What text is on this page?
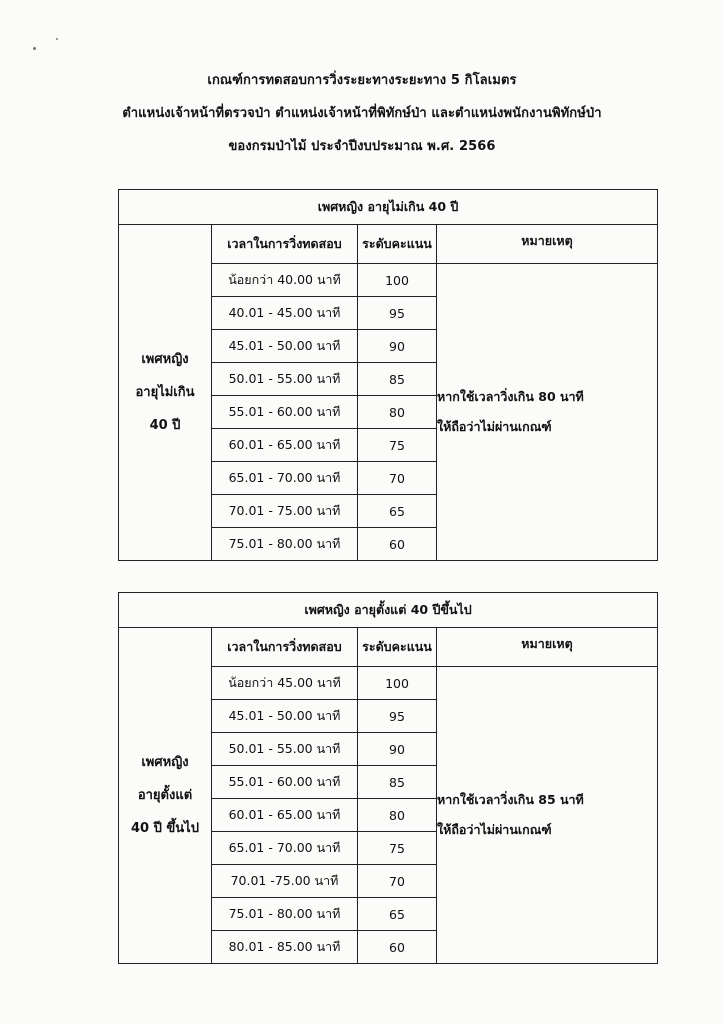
เกณฑ์การทดสอบการวิ่งระยะทางระยะทาง 5 กิโลเมตร
ตำแหน่งเจ้าหน้าที่ตรวจป่า ตำแหน่งเจ้าหน้าที่พิทักษ์ป่า และตำแหน่งพนักงานพิทักษ์ป่า
ของกรมป่าไม้ ประจำปีงบประมาณ พ.ศ. 2566
เพศหญิง อายุไม่เกิน 40 ปี			

เพศหญิง
อายุไม่เกิน
40 ปี	เวลาในการวิ่งทดสอบ	ระดับคะแนน	หมายเหตุ
	น้อยกว่า 40.00 นาที	100	หากใช้เวลาวิ่งเกิน 80 นาที
ให้ถือว่าไม่ผ่านเกณฑ์

	40.01 - 45.00 นาที	95	
	45.01 - 50.00 นาที	90	
	50.01 - 55.00 นาที	85	
	55.01 - 60.00 นาที	80	
	60.01 - 65.00 นาที	75	
	65.01 - 70.00 นาที	70	
	70.01 - 75.00 นาที	65	
	75.01 - 80.00 นาที	60	
เพศหญิง อายุตั้งแต่ 40 ปีขึ้นไป			

เพศหญิง
อายุตั้งแต่
40 ปี ขึ้นไป	เวลาในการวิ่งทดสอบ	ระดับคะแนน	หมายเหตุ
	น้อยกว่า 45.00 นาที	100	หากใช้เวลาวิ่งเกิน 85 นาที
ให้ถือว่าไม่ผ่านเกณฑ์

	45.01 - 50.00 นาที	95	
	50.01 - 55.00 นาที	90	
	55.01 - 60.00 นาที	85	
	60.01 - 65.00 นาที	80	
	65.01 - 70.00 นาที	75	
	70.01 -75.00 นาที	70	
	75.01 - 80.00 นาที	65	
	80.01 - 85.00 นาที	60	
